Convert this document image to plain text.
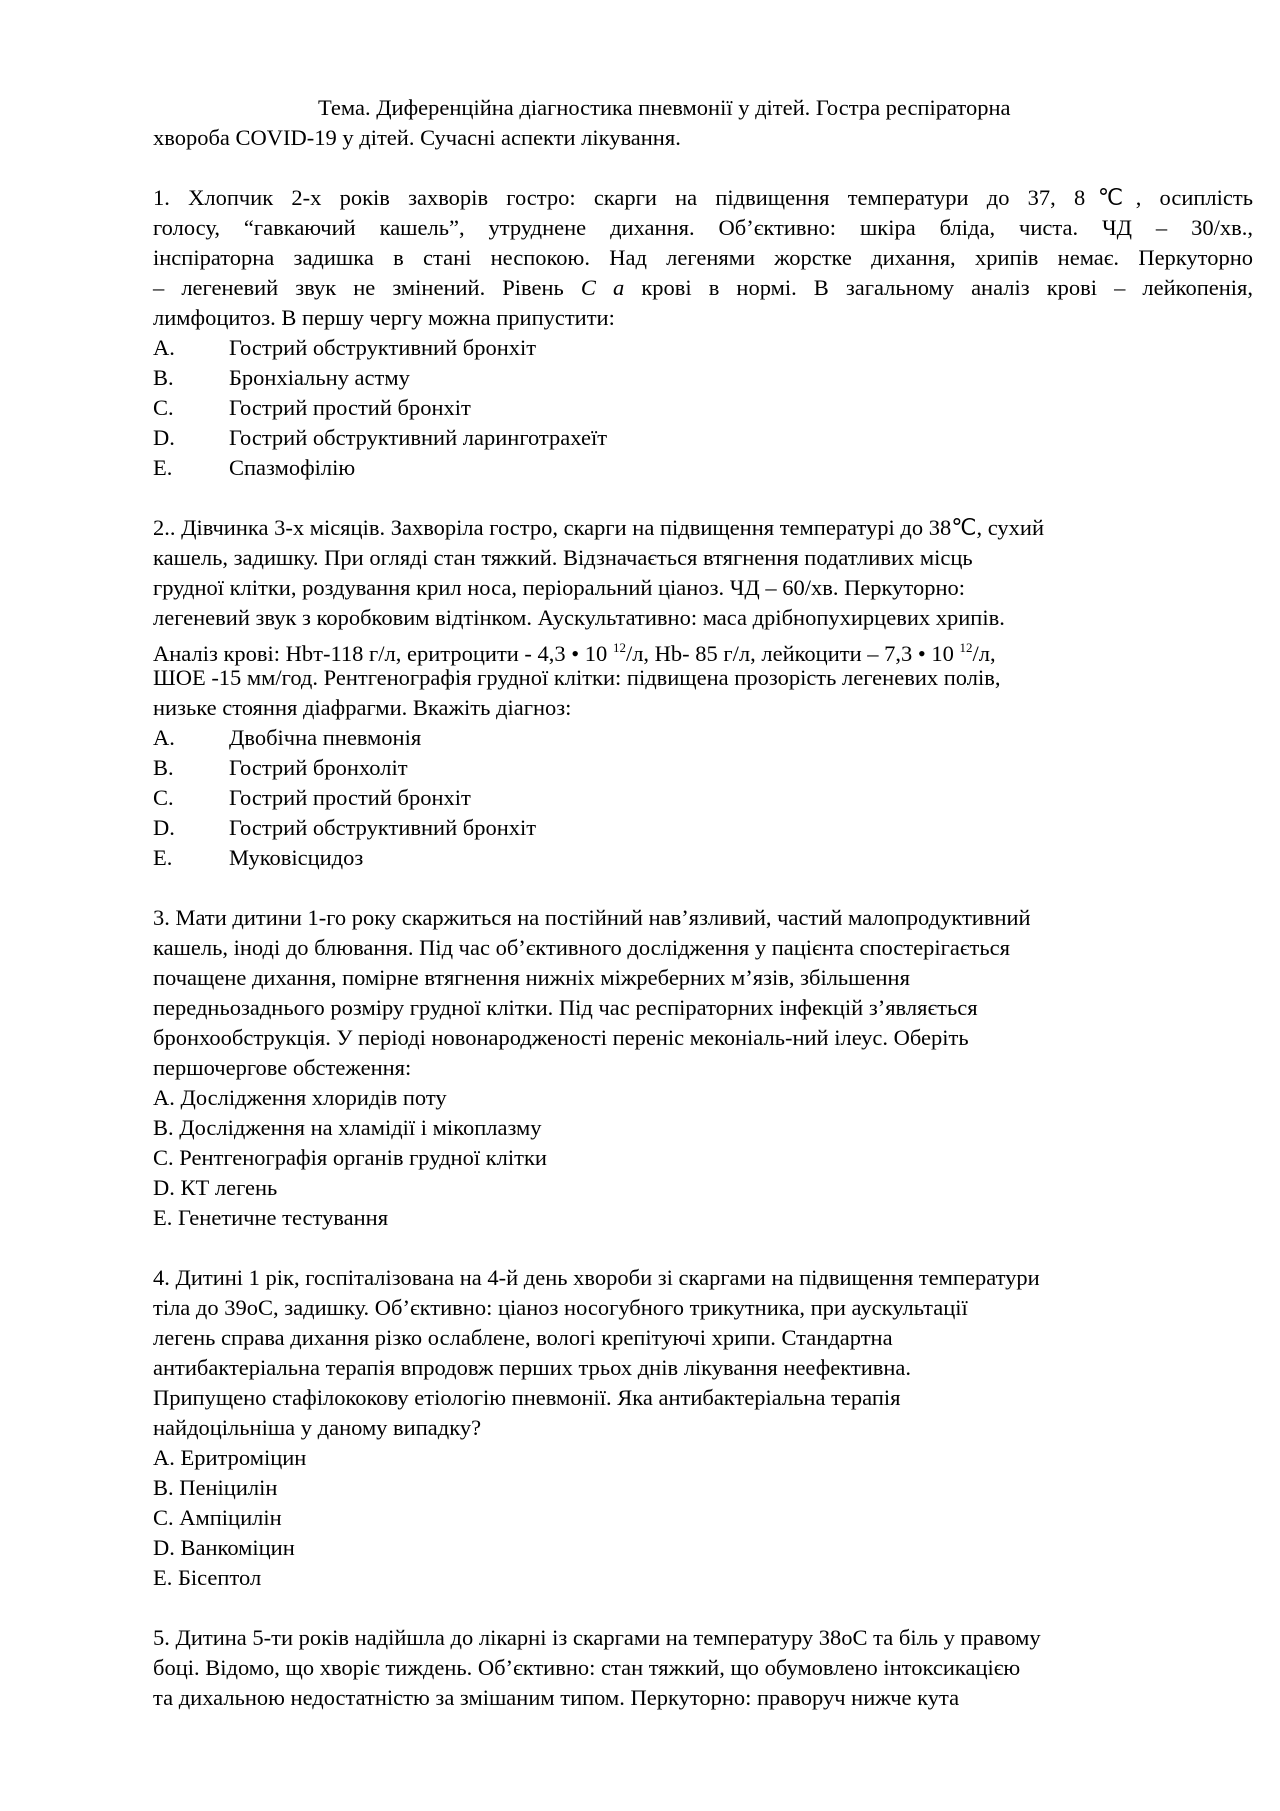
Тема. Диференційна діагностика пневмонії у дітей. Гостра респіраторна
хвороба COVID-19 у дітей. Сучасні аспекти лікування.
1. Хлопчик 2-х років захворів гостро: скарги на підвищення температури до 37, 8℃, осиплість
голосу, “гавкаючий кашель”, утруднене дихання. Об’єктивно: шкіра бліда, чиста. ЧД – 30/хв.,
інспіраторна задишка в стані неспокою. Над легенями жорстке дихання, хрипів немає. Перкуторно
– легеневий звук не змінений. Рівень C a крові в нормі. В загальному аналіз крові – лейкопенія,
лимфоцитоз. В першу чергу можна припустити:
A. Гострий обструктивний бронхіт
B. Бронхіальну астму
C. Гострий простий бронхіт
D. Гострий обструктивний ларинготрахеїт
E.	Спазмофілію
2.. Дівчинка 3-х місяців. Захворіла гостро, скарги на підвищення температурі до 38℃, сухий
кашель, задишку. При огляді стан тяжкий. Відзначається втягнення податливих місць
грудної клітки, роздування крил носа, періоральний ціаноз. ЧД – 60/хв. Перкуторно:
легеневий звук з коробковим відтінком. Аускультативно: маса дрібнопухирцевих хрипів.
Аналіз крові: Нbт-118 г/л, еритроцити - 4,3 • 10 $^{12}$/л, Нb- 85 г/л, лейкоцити – 7,3 • 10 $^{12}$/л,
ШОЕ -15 мм/год. Рентгенографія грудної клітки: підвищена прозорість легеневих полів,
низьке стояння діафрагми. Вкажіть діагноз:
A. Двобічна пневмонія
B. Гострий бронхоліт
C. Гострий простий бронхіт
D. Гострий обструктивний бронхіт
E.	Муковісцидоз
3. Мати дитини 1-го року скаржиться на постійний нав’язливий, частий малопродуктивний
кашель, іноді до блювання. Під час об’єктивного дослідження у пацієнта спостерігається
почащене дихання, помірне втягнення нижніх міжреберних м’язів, збільшення
передньозаднього розміру грудної клітки. Під час респіраторних інфекцій з’являється
бронхообструкція. У періоді новонародженості переніс меконіаль-ний ілеус. Оберіть
першочергове обстеження:
A. Дослідження хлоридів поту
B. Дослідження на хламідії і мікоплазму
C. Рентгенографія органів грудної клітки
D. КТ легень
E. Генетичне тестування
4. Дитині 1 рік, госпіталізована на 4-й день хвороби зі скаргами на підвищення температури
тіла до 39oC, задишку. Об’єктивно: ціаноз носогубного трикутника, при аускультації
легень справа дихання різко ослаблене, вологі крепітуючі хрипи. Стандартна
антибактеріальна терапія впродовж перших трьох днів лікування неефективна.
Припущено стафілококову етіологію пневмонії. Яка антибактеріальна терапія
найдоцільніша у даному випадку?
A. Еритроміцин
B. Пеніцилін
C. Ампіцилін
D. Ванкоміцин
E. Бісептол
5. Дитина 5-ти років надійшла до лікарні із скаргами на температуру 38oC та біль у правому
боці. Відомо, що хворіє тиждень. Об’єктивно: стан тяжкий, що обумовлено інтоксикацією
та дихальною недостатністю за змішаним типом. Перкуторно: праворуч нижче кута
